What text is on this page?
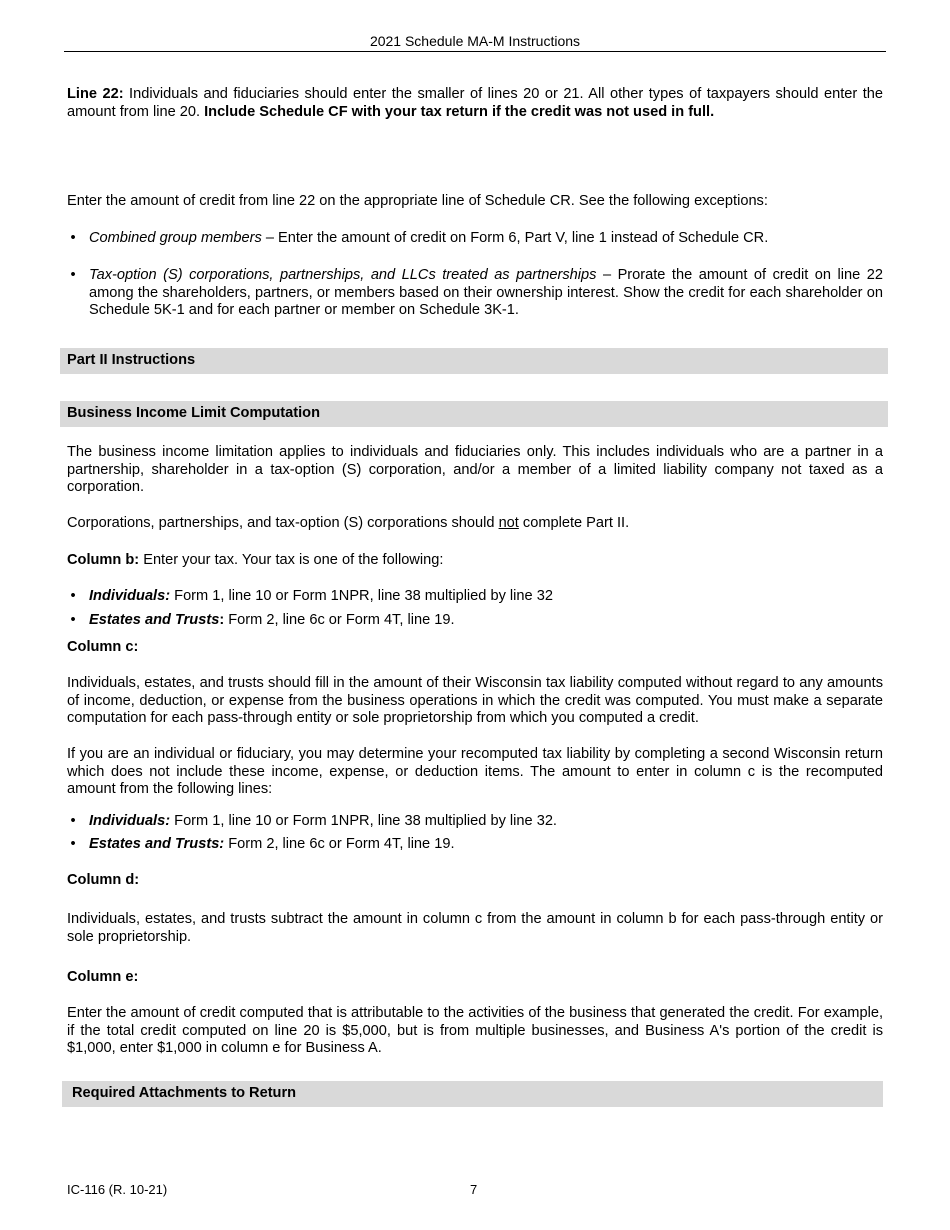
2021 Schedule MA-M Instructions

Line 22: Individuals and fiduciaries should enter the smaller of lines 20 or 21. All other types of taxpayers should enter the amount from line 20. Include Schedule CF with your tax return if the credit was not used in full.

Enter the amount of credit from line 22 on the appropriate line of Schedule CR. See the following exceptions:

• Combined group members – Enter the amount of credit on Form 6, Part V, line 1 instead of Schedule CR.

• Tax-option (S) corporations, partnerships, and LLCs treated as partnerships – Prorate the amount of credit on line 22 among the shareholders, partners, or members based on their ownership interest. Show the credit for each shareholder on Schedule 5K-1 and for each partner or member on Schedule 3K-1.

Part II Instructions
Business Income Limit Computation

The business income limitation applies to individuals and fiduciaries only. This includes individuals who are a partner in a partnership, shareholder in a tax-option (S) corporation, and/or a member of a limited liability company not taxed as a corporation.

Corporations, partnerships, and tax-option (S) corporations should not complete Part II.

Column b: Enter your tax. Your tax is one of the following:

• Individuals: Form 1, line 10 or Form 1NPR, line 38 multiplied by line 32

• Estates and Trusts: Form 2, line 6c or Form 4T, line 19.

Column c:

Individuals, estates, and trusts should fill in the amount of their Wisconsin tax liability computed without regard to any amounts of income, deduction, or expense from the business operations in which the credit was computed. You must make a separate computation for each pass-through entity or sole proprietorship from which you computed a credit.

If you are an individual or fiduciary, you may determine your recomputed tax liability by completing a second Wisconsin return which does not include these income, expense, or deduction items. The amount to enter in column c is the recomputed amount from the following lines:

• Individuals: Form 1, line 10 or Form 1NPR, line 38 multiplied by line 32.

• Estates and Trusts: Form 2, line 6c or Form 4T, line 19.

Column d:

Individuals, estates, and trusts subtract the amount in column c from the amount in column b for each pass-through entity or sole proprietorship.

Column e:

Enter the amount of credit computed that is attributable to the activities of the business that generated the credit. For example, if the total credit computed on line 20 is $5,000, but is from multiple businesses, and Business A's portion of the credit is $1,000, enter $1,000 in column e for Business A.

Required Attachments to Return
IC-116 (R. 10-21)	7
